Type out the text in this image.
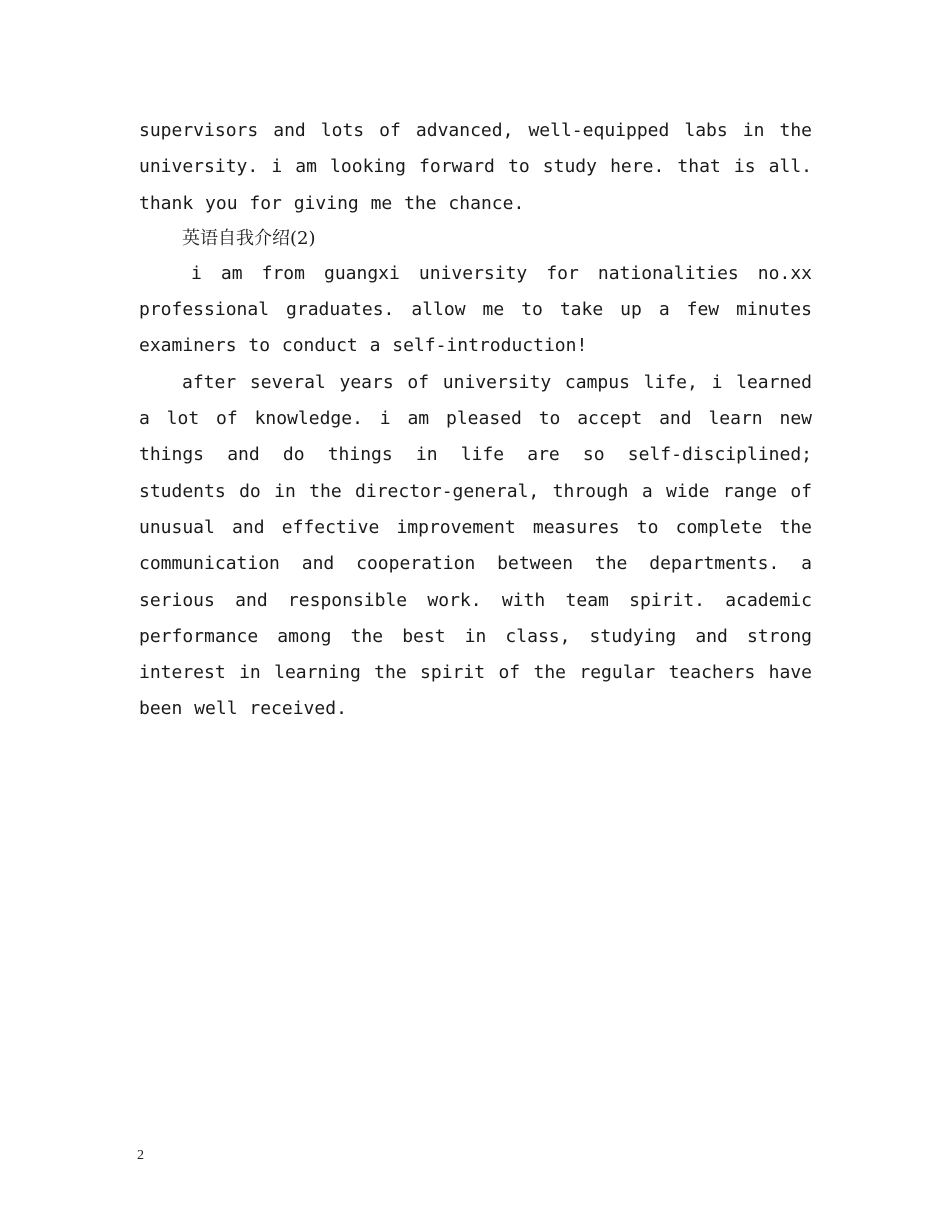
supervisors and lots of advanced, well-equipped labs in the university. i am looking forward to study here. that is all. thank you for giving me the chance.

英语自我介绍(2)

i am from guangxi university for nationalities no.xx professional graduates. allow me to take up a few minutes examiners to conduct a self-introduction!

after several years of university campus life, i learned a lot of knowledge. i am pleased to accept and learn new things and do things in life are so self-disciplined; students do in the director-general, through a wide range of unusual and effective improvement measures to complete the communication and cooperation between the departments. a serious and responsible work. with team spirit. academic performance among the best in class, studying and strong interest in learning the spirit of the regular teachers have been well received.

2
